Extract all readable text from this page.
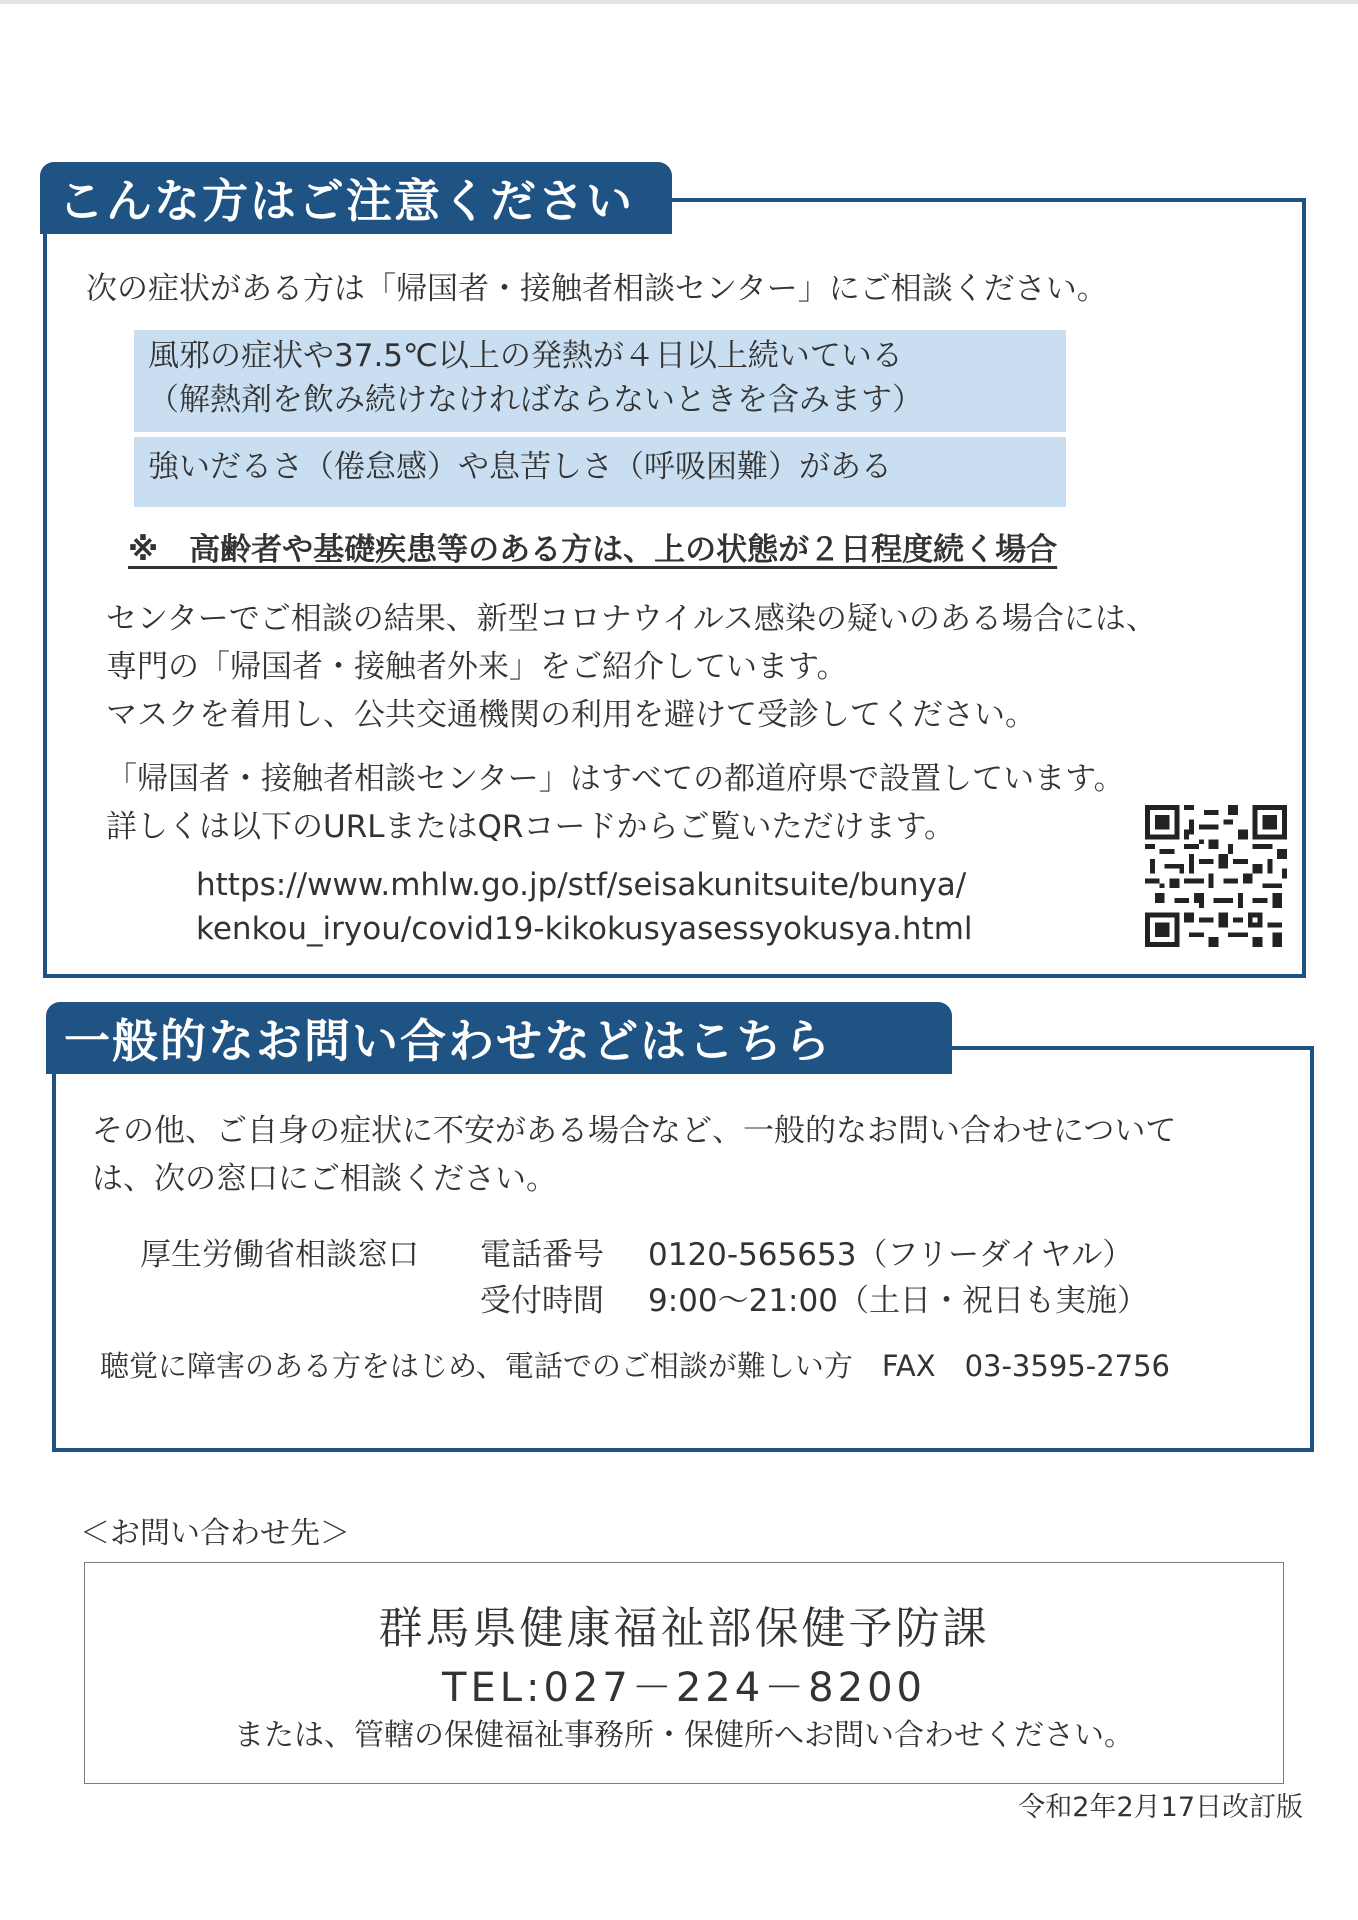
こんな方はご注意ください
次の症状がある方は「帰国者・接触者相談センター」にご相談ください。
風邪の症状や37.5℃以上の発熱が４日以上続いている
（解熱剤を飲み続けなければならないときを含みます）
強いだるさ（倦怠感）や息苦しさ（呼吸困難）がある
※　高齢者や基礎疾患等のある方は、上の状態が２日程度続く場合
センターでご相談の結果、新型コロナウイルス感染の疑いのある場合には、
専門の「帰国者・接触者外来」をご紹介しています。
マスクを着用し、公共交通機関の利用を避けて受診してください。
「帰国者・接触者相談センター」はすべての都道府県で設置しています。
詳しくは以下のURLまたはQRコードからご覧いただけます。
https://www.mhlw.go.jp/stf/seisakunitsuite/bunya/
kenkou_iryou/covid19-kikokusyasessyokusya.html
一般的なお問い合わせなどはこちら
その他、ご自身の症状に不安がある場合など、一般的なお問い合わせについて
は、次の窓口にご相談ください。
厚生労働省相談窓口 電話番号 0120-565653（フリーダイヤル）
受付時間 9:00～21:00（土日・祝日も実施）
聴覚に障害のある方をはじめ、電話でのご相談が難しい方　FAX　03-3595-2756
＜お問い合わせ先＞
群馬県健康福祉部保健予防課
TEL:027－224－8200
または、管轄の保健福祉事務所・保健所へお問い合わせください。
令和2年2月17日改訂版
